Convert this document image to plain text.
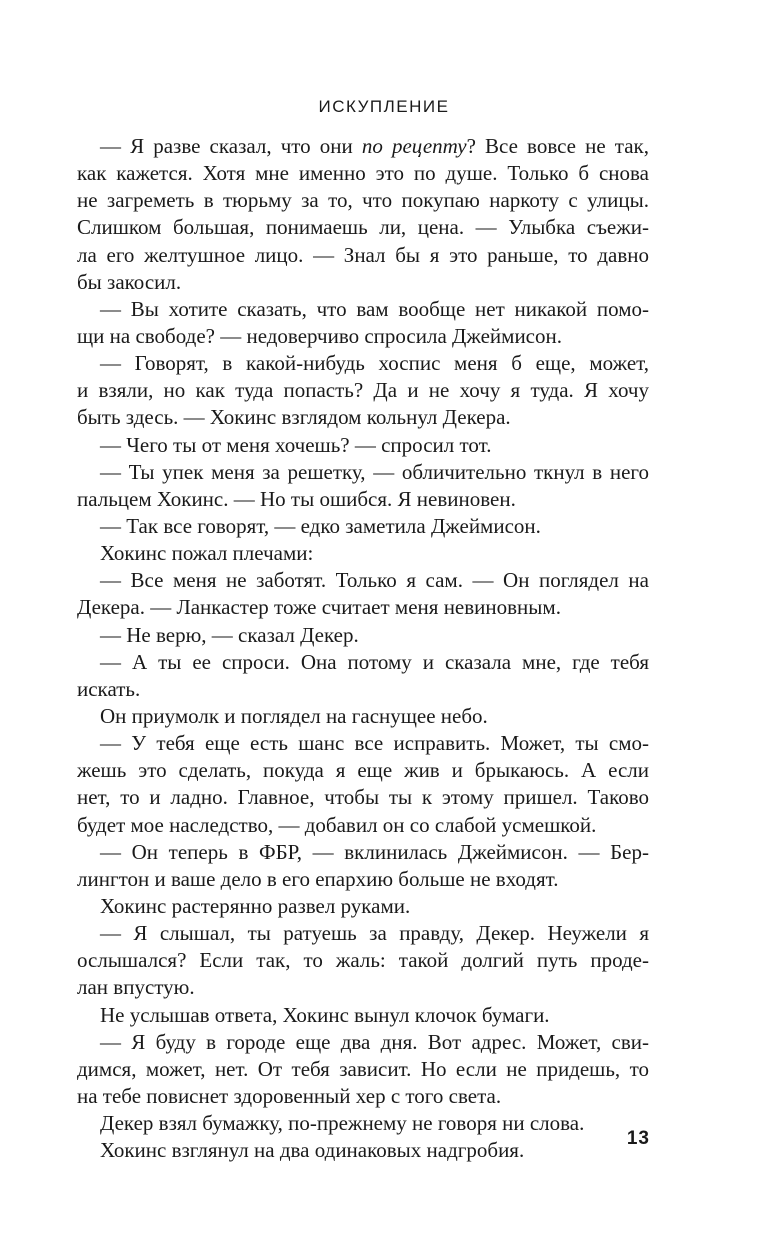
ИСКУПЛЕНИЕ
— Я разве сказал, что они по рецепту? Все вовсе не так,
как кажется. Хотя мне именно это по душе. Только б снова
не загреметь в тюрьму за то, что покупаю наркоту с улицы.
Слишком большая, понимаешь ли, цена. — Улыбка съежи-
ла его желтушное лицо. — Знал бы я это раньше, то давно
бы закосил.
— Вы хотите сказать, что вам вообще нет никакой помо-
щи на свободе? — недоверчиво спросила Джеймисон.
— Говорят, в какой-нибудь хоспис меня б еще, может,
и взяли, но как туда попасть? Да и не хочу я туда. Я хочу
быть здесь. — Хокинс взглядом кольнул Декера.
— Чего ты от меня хочешь? — спросил тот.
— Ты упек меня за решетку, — обличительно ткнул в него
пальцем Хокинс. — Но ты ошибся. Я невиновен.
— Так все говорят, — едко заметила Джеймисон.
Хокинс пожал плечами:
— Все меня не заботят. Только я сам. — Он поглядел на
Декера. — Ланкастер тоже считает меня невиновным.
— Не верю, — сказал Декер.
— А ты ее спроси. Она потому и сказала мне, где тебя
искать.
Он приумолк и поглядел на гаснущее небо.
— У тебя еще есть шанс все исправить. Может, ты смо-
жешь это сделать, покуда я еще жив и брыкаюсь. А если
нет, то и ладно. Главное, чтобы ты к этому пришел. Таково
будет мое наследство, — добавил он со слабой усмешкой.
— Он теперь в ФБР, — вклинилась Джеймисон. — Бер-
лингтон и ваше дело в его епархию больше не входят.
Хокинс растерянно развел руками.
— Я слышал, ты ратуешь за правду, Декер. Неужели я
ослышался? Если так, то жаль: такой долгий путь проде-
лан впустую.
Не услышав ответа, Хокинс вынул клочок бумаги.
— Я буду в городе еще два дня. Вот адрес. Может, сви-
димся, может, нет. От тебя зависит. Но если не придешь, то
на тебе повиснет здоровенный хер с того света.
Декер взял бумажку, по-прежнему не говоря ни слова.
Хокинс взглянул на два одинаковых надгробия.	13
